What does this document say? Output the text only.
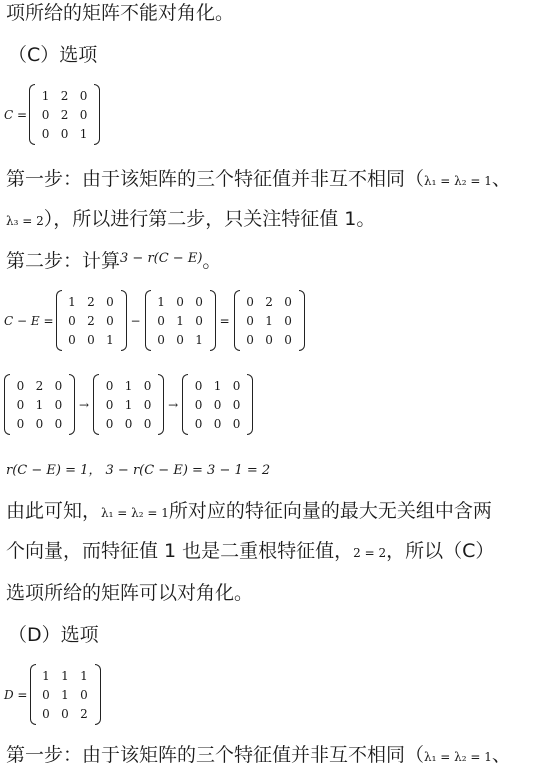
项所给的矩阵不能对角化。
（C）选项
C =
1	2	0
0	2	0
0	0	1
第一步：由于该矩阵的三个特征值并非互不相同（λ₁ = λ₂ = 1、
λ₃ = 2），所以进行第二步，只关注特征值 1。
第二步：计算$^{3 - r(C - E)}$。
C − E =
1	2	0
0	2	0
0	0	1
−
1	0	0
0	1	0
0	0	1
=
0	2	0
0	1	0
0	0	0
0	2	0
0	1	0
0	0	0
→
0	1	0
0	1	0
0	0	0
→
0	1	0
0	0	0
0	0	0
r(C − E) = 1， 3 − r(C − E) = 3 − 1 = 2
由此可知，λ₁ = λ₂ = 1所对应的特征向量的最大无关组中含两
个向量，而特征值 1 也是二重根特征值，2 = 2，所以（C）
选项所给的矩阵可以对角化。
（D）选项
D =
1	1	1
0	1	0
0	0	2
第一步：由于该矩阵的三个特征值并非互不相同（λ₁ = λ₂ = 1、
